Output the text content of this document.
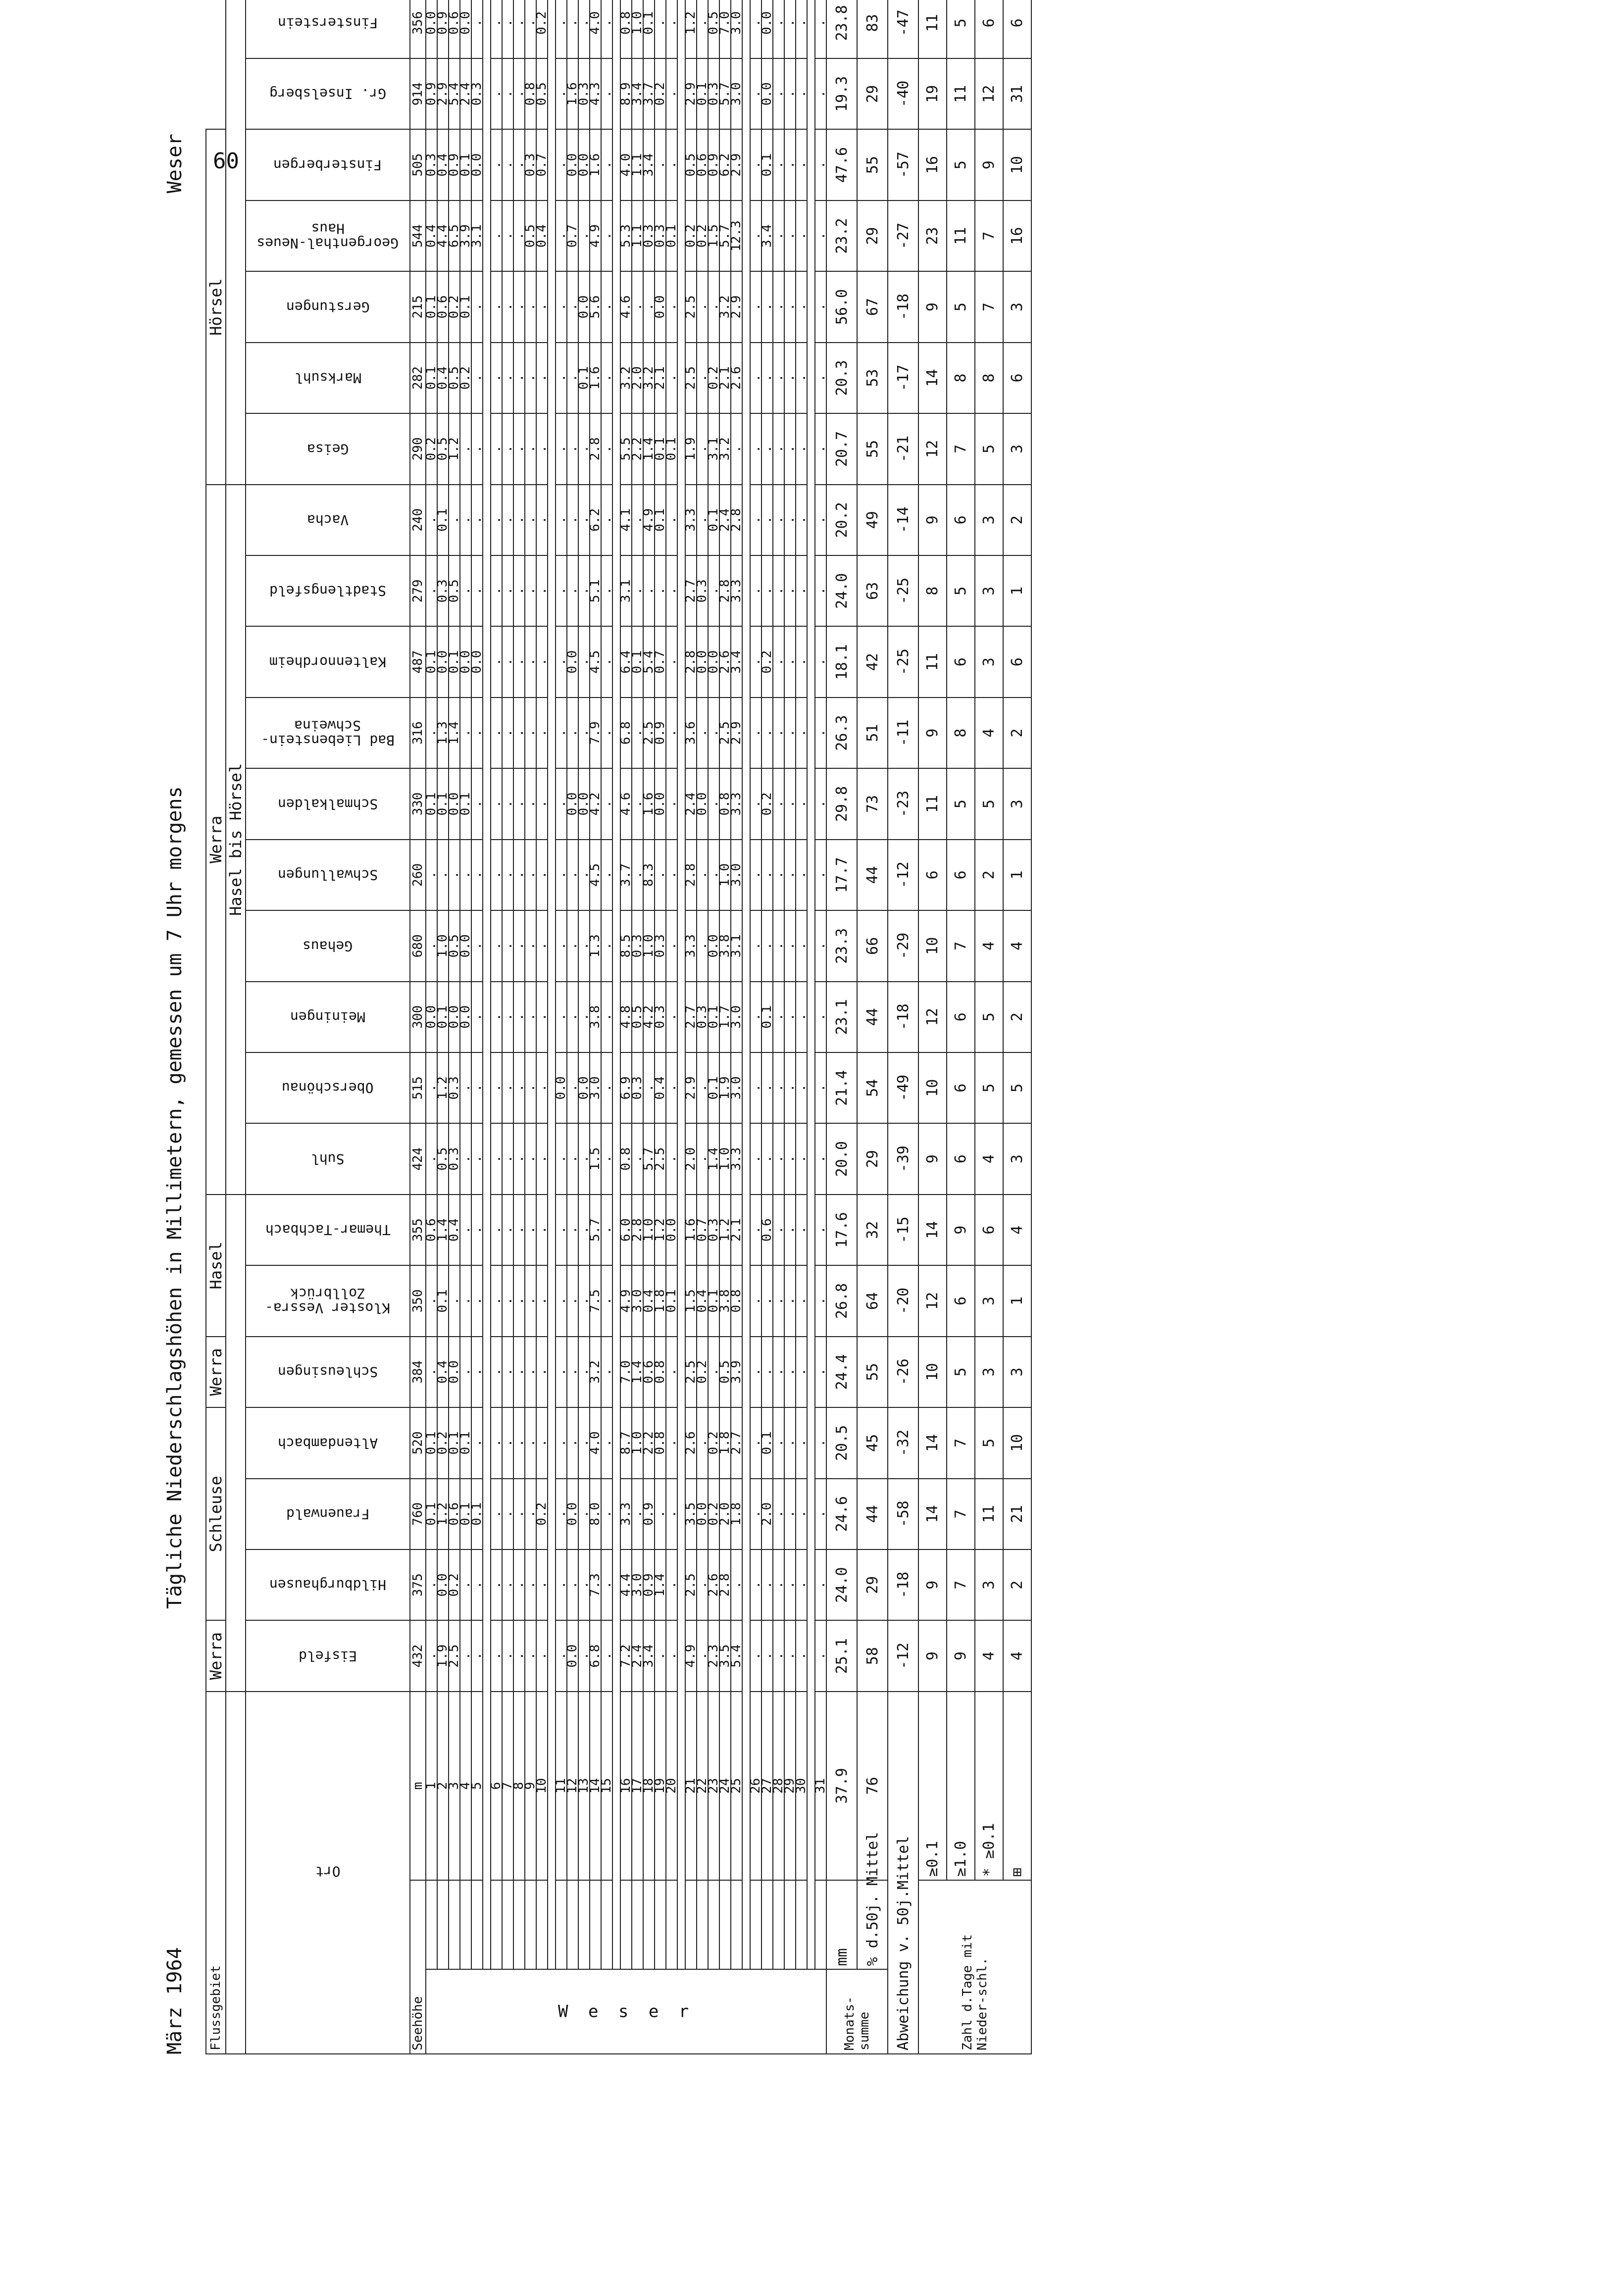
60
März 1964
Tägliche Niederschlagshöhen in Millimetern, gemessen um 7 Uhr morgens
Weser
Flussgebiet			Werra	Schleuse			Werra	Hasel		Werra										Hörsel							
										Hasel bis Hörsel																	

Ort			Eisfeld	Hildburghausen	Frauenwald	Altendambach	Schleusingen	Kloster Vessra-Zollbrück	Themar-Tachbach	Suhl	Oberschönau	Meiningen	Gehaus	Schwallungen	Schmalkalden	Bad Liebenstein-Schweina	Kaltennordheim	Stadtlengsfeld	Vacha	Geisa	Marksuhl	Gerstungen	Georgenthal-Neues Haus	Finsterbergen	Gr. Inselsberg	Finsterstein

Seehöhe		m	432	375	760	520	384	350	355	424	515	300	680	260	330	316	487	279	240	290	282	215	544	505	914	356	
W e s e r		1	.	.	0.1	0.1	.	.	0.6	.	.	0.0	.	.	0.1	.	0.1	.	.	0.2	0.1	0.1	0.4	0.3	0.9	0.0	
		2	1.9	0.0	1.2	0.2	0.4	0.1	1.4	0.5	1.2	0.1	1.0	.	0.1	1.3	0.0	0.3	0.1	0.5	0.4	0.6	4.4	0.4	2.9	0.9	
		3	2.5	0.2	0.6	0.1	0.0	.	0.4	0.3	0.3	0.0	0.5	.	0.0	1.4	0.1	0.5	.	1.2	0.5	0.2	6.5	0.9	5.4	0.6	
		4	.	.	0.1	0.1	.	.	.	.	.	0.0	0.0	.	0.1	.	0.0	.	.	.	0.2	0.1	3.9	0.1	2.4	0.0	
		5	.	.	0.1	.	.	.	.	.	.	.	.	.	.	.	0.0	.	.	.	.	.	3.1	0.0	0.3	.	

		6	.	.	.	.	.	.	.	.	.	.	.	.	.	.	.	.	.	.	.	.	.	.	.	.	
		7	.	.	.	.	.	.	.	.	.	.	.	.	.	.	.	.	.	.	.	.	.	.	.	.	
		8	.	.	.	.	.	.	.	.	.	.	.	.	.	.	.	.	.	.	.	.	.	.	.	.	
		9	.	.	.	.	.	.	.	.	.	.	.	.	.	.	.	.	.	.	.	.	0.5	0.3	0.8	.	
		10	.	.	0.2	.	.	.	.	.	.	.	.	.	.	.	.	.	.	.	.	.	0.4	0.7	0.5	0.2	

		11	.	.	.	.	.	.	.	.	0.0	.	.	.	.	.	.	.	.	.	.	.	.	.	.	.	
		12	0.0	.	0.0	.	.	.	.	.	.	.	.	.	0.0	.	0.0	.	.	.	.	.	0.7	0.0	1.6	.	
		13	.	.	.	.	.	.	.	.	0.0	.	.	.	0.0	.	.	.	.	.	0.1	0.0	.	0.0	0.3	.	
		14	6.8	7.3	8.0	4.0	3.2	7.5	5.7	1.5	3.0	3.8	1.3	4.5	4.2	7.9	4.5	5.1	6.2	2.8	1.6	5.6	4.9	1.6	4.3	4.0	
		15	.	.	.	.	.	.	.	.	.	.	.	.	.	.	.	.	.	.	.	.	.	.	.	.	

		16	7.2	4.4	3.3	8.7	7.0	4.9	6.0	0.8	6.9	4.8	8.5	3.7	4.6	6.8	6.4	3.1	4.1	5.5	3.2	4.6	5.3	4.0	8.9	0.8	
		17	2.4	3.0	.	1.0	1.4	3.0	2.8	.	0.3	0.5	0.3	.	.	.	0.1	.	.	2.2	2.0	.	1.1	1.1	3.4	1.0	
		18	3.4	0.9	0.9	2.2	0.6	0.4	1.0	5.7	.	4.2	1.0	8.3	1.6	2.5	5.4	.	4.9	1.4	3.2	.	0.3	3.4	3.7	0.1	
		19	.	1.4	.	0.8	0.8	1.8	1.2	2.5	0.4	0.3	0.3	.	0.0	0.9	0.7	.	0.1	0.1	2.1	0.0	0.3	.	0.2	.	
		20	.	.	.	.	.	0.1	0.0	.	.	.	.	.	.	.	.	.	.	0.1	.	.	0.1	.	.	.	

		21	4.9	2.5	3.5	2.6	2.5	1.5	1.6	2.0	2.9	2.7	3.3	2.8	2.4	3.6	2.8	2.7	3.3	1.9	2.5	2.5	0.2	0.5	2.9	1.2	
		22	.	.	0.0	.	0.2	0.4	0.7	.	.	0.3	.	.	0.0	.	0.0	0.3	.	.	.	.	0.2	0.6	0.1	.	
		23	2.3	2.6	0.2	0.2	.	0.1	0.3	1.4	0.1	0.1	0.0	.	.	.	0.0	.	0.1	3.1	0.2	.	1.5	0.9	0.3	0.5	
		24	3.5	2.8	2.0	1.8	0.5	3.8	1.2	1.0	1.9	1.7	3.8	1.0	0.8	2.5	2.6	2.8	2.4	3.2	2.1	3.2	5.7	6.2	5.7	7.0	
		25	5.4	.	1.8	2.7	3.9	0.8	2.1	3.3	3.0	3.0	3.1	3.0	3.3	2.9	3.4	3.3	2.8	.	2.6	2.9	12.3	2.9	3.0	3.0	

		26	.	.	.	.	.	.	.	.	.	.	.	.	.	.	.	.	.	.	.	.	.	.	.	.	
		27	.	.	2.0	0.1	.	.	0.6	.	.	0.1	.	.	0.2	.	0.2	.	.	.	.	.	3.4	0.1	0.0	0.0	
		28	.	.	.	.	.	.	.	.	.	.	.	.	.	.	.	.	.	.	.	.	.	.	.	.	
		29	.	.	.	.	.	.	.	.	.	.	.	.	.	.	.	.	.	.	.	.	.	.	.	.	
		30	.	.	.	.	.	.	.	.	.	.	.	.	.	.	.	.	.	.	.	.	.	.	.	.	

		31	.	.	.	.	.	.	.	.	.	.	.	.	.	.	.	.	.	.	.	.	.	.	.	.	
Monats-summe	mm	37.9	25.1	24.0	24.6	20.5	24.4	26.8	17.6	20.0	21.4	23.1	23.3	17.7	29.8	26.3	18.1	24.0	20.2	20.7	20.3	56.0	23.2	47.6	19.3	23.8	
	% d.50j. Mittel	76	58	29	44	45	55	64	32	29	54	44	66	44	73	51	42	63	49	55	53	67	29	55	29	83	
Abweichung v. 50j.Mittel			-12	-18	-58	-32	-26	-20	-15	-39	-49	-18	-29	-12	-23	-11	-25	-25	-14	-21	-17	-18	-27	-57	-40	-47	
Zahl d.Tage mit Nieder-schl.		≥0.1	9	9	14	14	10	12	14	9	10	12	10	6	11	9	11	8	9	12	14	9	23	16	19	11	
		≥1.0	9	7	7	7	5	6	9	6	6	6	7	6	5	8	6	5	6	7	8	5	11	5	11	5	
		* ≥0.1	4	3	11	5	3	3	6	4	5	5	4	2	5	4	3	3	3	5	8	7	7	9	12	6	
		⊞	4	2	21	10	3	1	4	3	5	2	4	1	3	2	6	1	2	3	6	3	16	10	31	6	
